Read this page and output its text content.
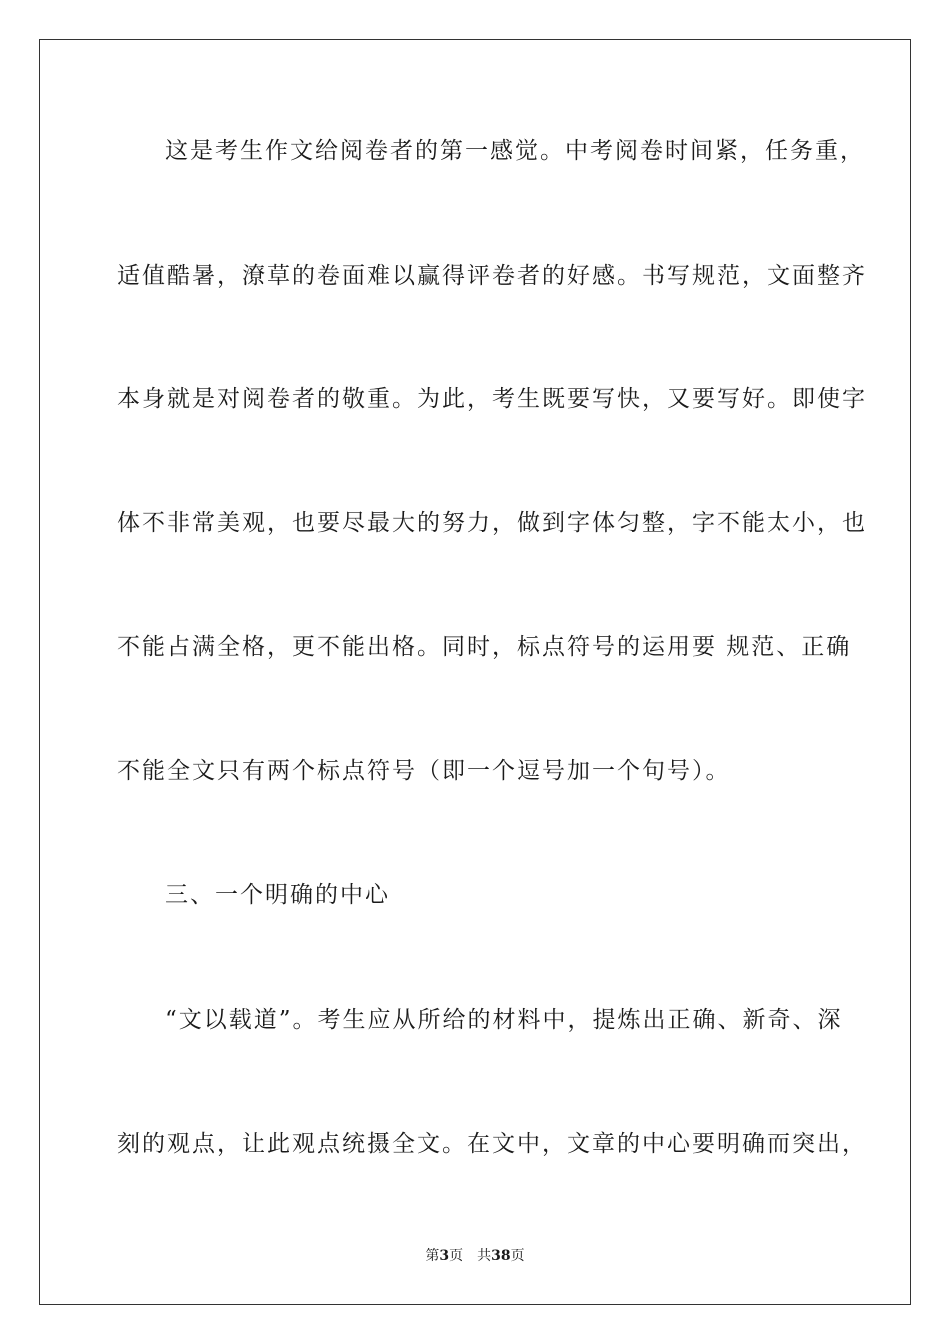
这是考生作文给阅卷者的第一感觉。中考阅卷时间紧，任务重，
适值酷暑，潦草的卷面难以赢得评卷者的好感。书写规范，文面整齐
本身就是对阅卷者的敬重。为此，考生既要写快，又要写好。即使字
体不非常美观，也要尽最大的努力，做到字体匀整，字不能太小，也
不能占满全格，更不能出格。同时，标点符号的运用要 规范、正确
不能全文只有两个标点符号（即一个逗号加一个句号）。
三、一个明确的中心
“文以载道”。考生应从所给的材料中，提炼出正确、新奇、深
刻的观点，让此观点统摄全文。在文中，文章的中心要明确而突出，
第3页 共38页
